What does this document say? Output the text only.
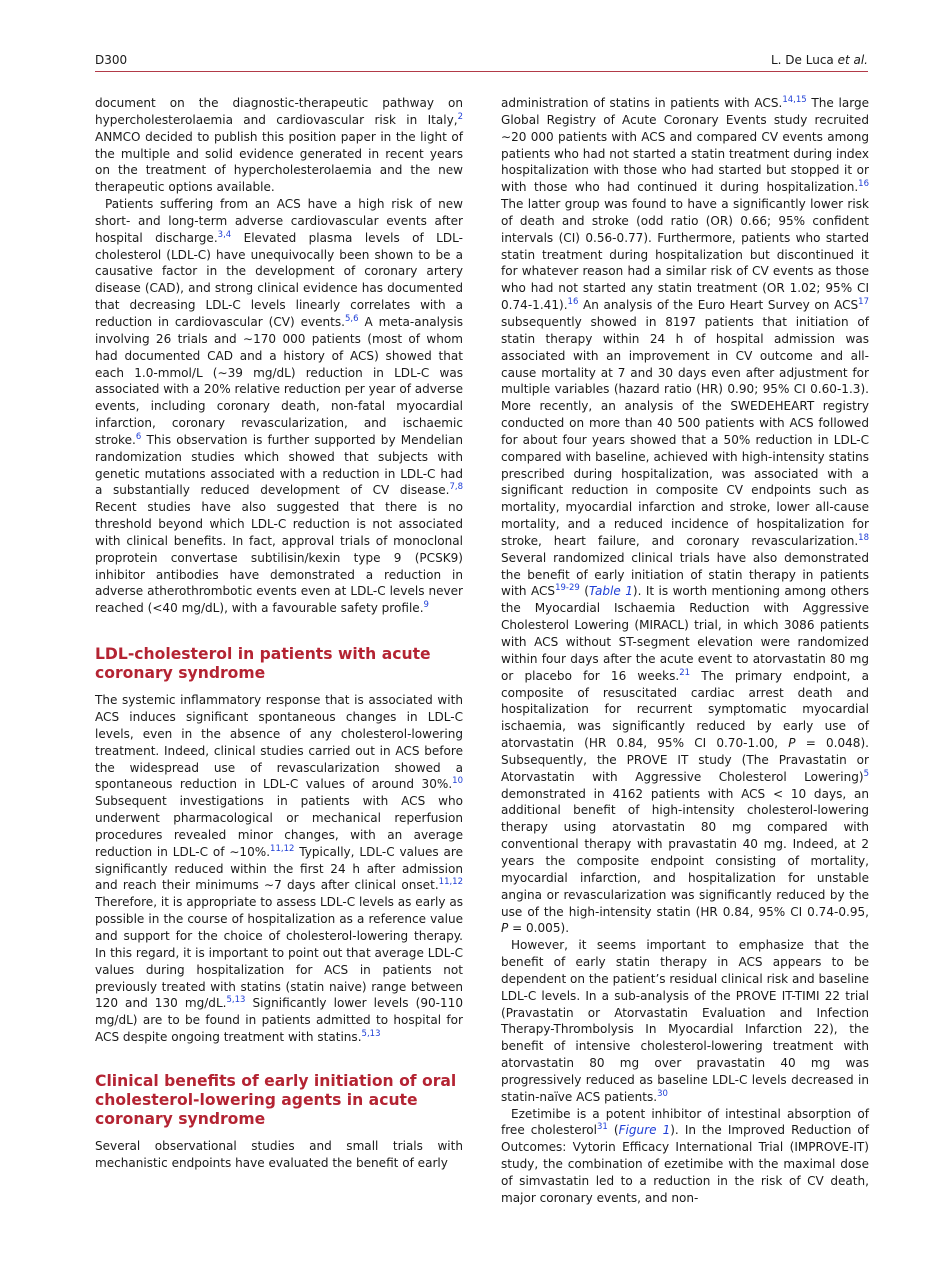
D300	L. De Luca et al.

document on the diagnostic-therapeutic pathway on hypercholesterolaemia and cardiovascular risk in Italy,$^2$ ANMCO decided to publish this position paper in the light of the multiple and solid evidence generated in recent years on the treatment of hypercholesterolaemia and the new therapeutic options available.

Patients suffering from an ACS have a high risk of new short- and long-term adverse cardiovascular events after hospital discharge.$^{3,4}$ Elevated plasma levels of LDL-cholesterol (LDL-C) have unequivocally been shown to be a causative factor in the development of coronary artery disease (CAD), and strong clinical evidence has documented that decreasing LDL-C levels linearly correlates with a reduction in cardiovascular (CV) events.$^{5,6}$ A meta-analysis involving 26 trials and ∼170 000 patients (most of whom had documented CAD and a history of ACS) showed that each 1.0-mmol/L (∼39 mg/dL) reduction in LDL-C was associated with a 20% relative reduction per year of adverse events, including coronary death, non-fatal myocardial infarction, coronary revascularization, and ischaemic stroke.$^6$ This observation is further supported by Mendelian randomization studies which showed that subjects with genetic mutations associated with a reduction in LDL-C had a substantially reduced development of CV disease.$^{7,8}$ Recent studies have also suggested that there is no threshold beyond which LDL-C reduction is not associated with clinical benefits. In fact, approval trials of monoclonal proprotein convertase subtilisin/kexin type 9 (PCSK9) inhibitor antibodies have demonstrated a reduction in adverse atherothrombotic events even at LDL-C levels never reached (<40 mg/dL), with a favourable safety profile.$^9$

LDL-cholesterol in patients with acute coronary syndrome

The systemic inflammatory response that is associated with ACS induces significant spontaneous changes in LDL-C levels, even in the absence of any cholesterol-lowering treatment. Indeed, clinical studies carried out in ACS before the widespread use of revascularization showed a spontaneous reduction in LDL-C values of around 30%.$^{10}$ Subsequent investigations in patients with ACS who underwent pharmacological or mechanical reperfusion procedures revealed minor changes, with an average reduction in LDL-C of ∼10%.$^{11,12}$ Typically, LDL-C values are significantly reduced within the first 24 h after admission and reach their minimums ∼7 days after clinical onset.$^{11,12}$ Therefore, it is appropriate to assess LDL-C levels as early as possible in the course of hospitalization as a reference value and support for the choice of cholesterol-lowering therapy. In this regard, it is important to point out that average LDL-C values during hospitalization for ACS in patients not previously treated with statins (statin naive) range between 120 and 130 mg/dL.$^{5,13}$ Significantly lower levels (90-110 mg/dL) are to be found in patients admitted to hospital for ACS despite ongoing treatment with statins.$^{5,13}$

Clinical benefits of early initiation of oral cholesterol-lowering agents in acute coronary syndrome

Several observational studies and small trials with mechanistic endpoints have evaluated the benefit of early

administration of statins in patients with ACS.$^{14,15}$ The large Global Registry of Acute Coronary Events study recruited ∼20 000 patients with ACS and compared CV events among patients who had not started a statin treatment during index hospitalization with those who had started but stopped it or with those who had continued it during hospitalization.$^{16}$ The latter group was found to have a significantly lower risk of death and stroke (odd ratio (OR) 0.66; 95% confident intervals (CI) 0.56-0.77). Furthermore, patients who started statin treatment during hospitalization but discontinued it for whatever reason had a similar risk of CV events as those who had not started any statin treatment (OR 1.02; 95% CI 0.74-1.41).$^{16}$ An analysis of the Euro Heart Survey on ACS$^{17}$ subsequently showed in 8197 patients that initiation of statin therapy within 24 h of hospital admission was associated with an improvement in CV outcome and all-cause mortality at 7 and 30 days even after adjustment for multiple variables (hazard ratio (HR) 0.90; 95% CI 0.60-1.3). More recently, an analysis of the SWEDEHEART registry conducted on more than 40 500 patients with ACS followed for about four years showed that a 50% reduction in LDL-C compared with baseline, achieved with high-intensity statins prescribed during hospitalization, was associated with a significant reduction in composite CV endpoints such as mortality, myocardial infarction and stroke, lower all-cause mortality, and a reduced incidence of hospitalization for stroke, heart failure, and coronary revascularization.$^{18}$ Several randomized clinical trials have also demonstrated the benefit of early initiation of statin therapy in patients with ACS$^{19-29}$ (Table 1). It is worth mentioning among others the Myocardial Ischaemia Reduction with Aggressive Cholesterol Lowering (MIRACL) trial, in which 3086 patients with ACS without ST-segment elevation were randomized within four days after the acute event to atorvastatin 80 mg or placebo for 16 weeks.$^{21}$ The primary endpoint, a composite of resuscitated cardiac arrest death and hospitalization for recurrent symptomatic myocardial ischaemia, was significantly reduced by early use of atorvastatin (HR 0.84, 95% CI 0.70-1.00, P = 0.048). Subsequently, the PROVE IT study (The Pravastatin or Atorvastatin with Aggressive Cholesterol Lowering)$^5$ demonstrated in 4162 patients with ACS < 10 days, an additional benefit of high-intensity cholesterol-lowering therapy using atorvastatin 80 mg compared with conventional therapy with pravastatin 40 mg. Indeed, at 2 years the composite endpoint consisting of mortality, myocardial infarction, and hospitalization for unstable angina or revascularization was significantly reduced by the use of the high-intensity statin (HR 0.84, 95% CI 0.74-0.95, P = 0.005).

However, it seems important to emphasize that the benefit of early statin therapy in ACS appears to be dependent on the patient’s residual clinical risk and baseline LDL-C levels. In a sub-analysis of the PROVE IT-TIMI 22 trial (Pravastatin or Atorvastatin Evaluation and Infection Therapy-Thrombolysis In Myocardial Infarction 22), the benefit of intensive cholesterol-lowering treatment with atorvastatin 80 mg over pravastatin 40 mg was progressively reduced as baseline LDL-C levels decreased in statin-naïve ACS patients.$^{30}$

Ezetimibe is a potent inhibitor of intestinal absorption of free cholesterol$^{31}$ (Figure 1). In the Improved Reduction of Outcomes: Vytorin Efficacy International Trial (IMPROVE-IT) study, the combination of ezetimibe with the maximal dose of simvastatin led to a reduction in the risk of CV death, major coronary events, and non-
